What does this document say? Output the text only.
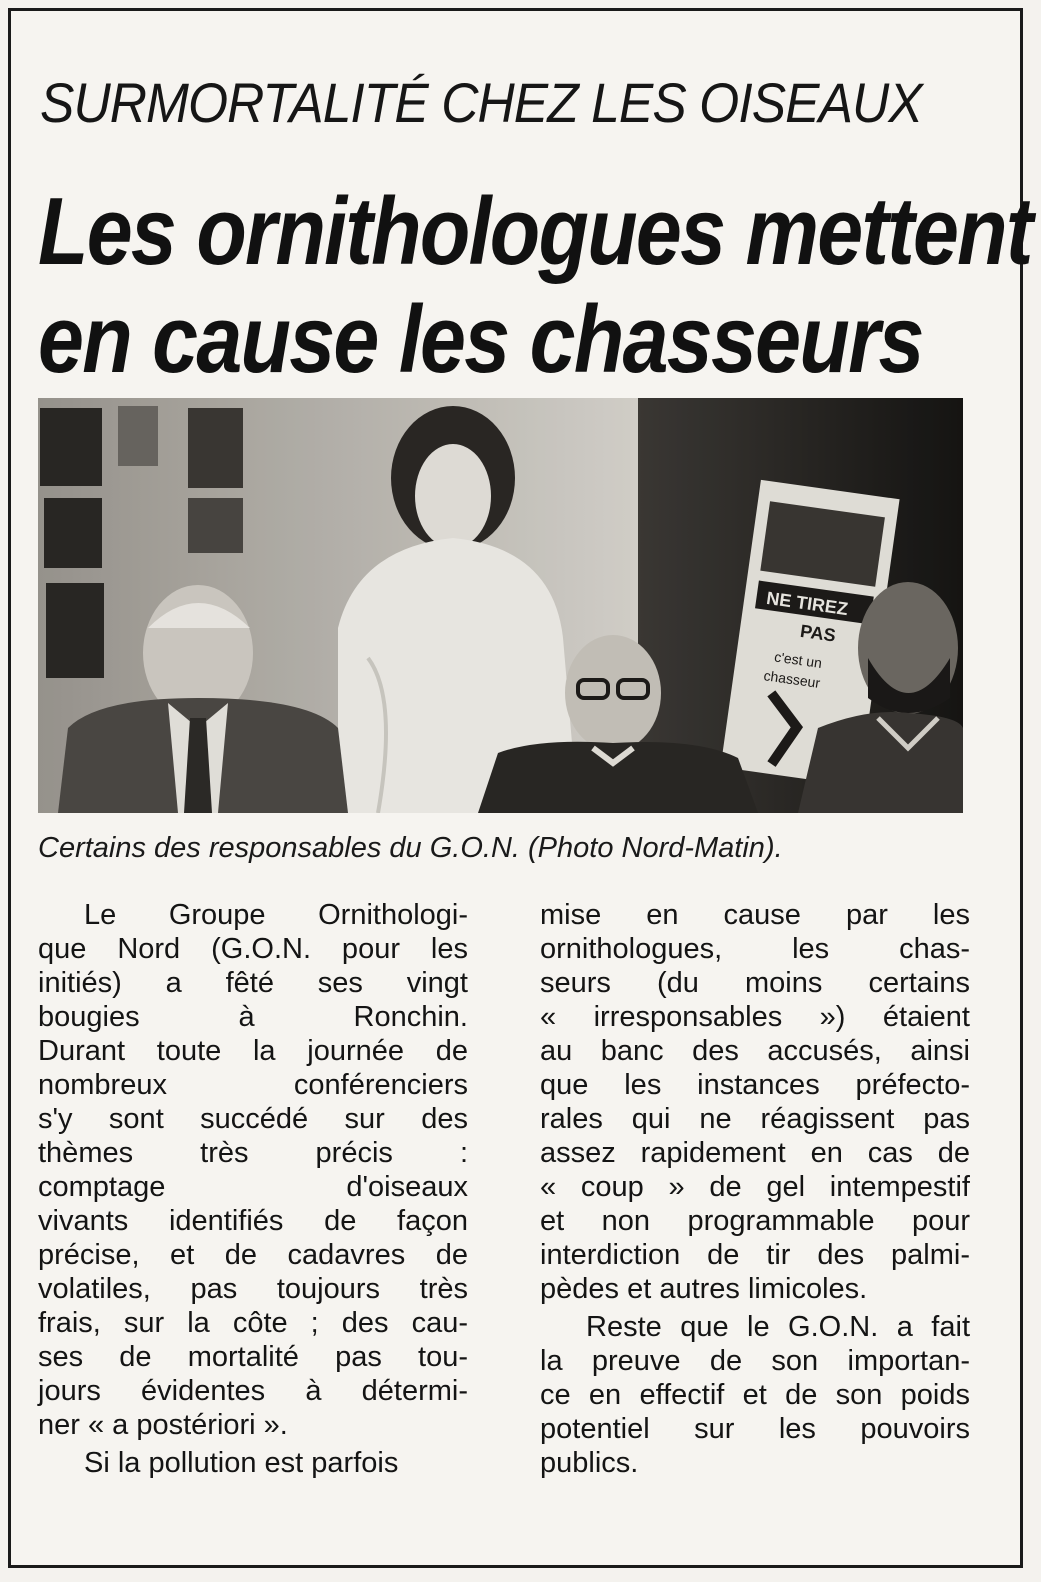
SURMORTALITÉ CHEZ LES OISEAUX
Les ornithologues mettent
en cause les chasseurs
NE TIREZ
PAS
c'est un
chasseur
Certains des responsables du G.O.N. (Photo Nord-Matin).

Le Groupe Ornithologi-
que Nord (G.O.N. pour les
initiés) a fêté ses vingt
bougies à Ronchin.
Durant toute la journée de
nombreux conférenciers
s'y sont succédé sur des
thèmes très précis :
comptage d'oiseaux
vivants identifiés de façon
précise, et de cadavres de
volatiles, pas toujours très
frais, sur la côte ; des cau-
ses de mortalité pas tou-
jours évidentes à détermi-
ner « a postériori ».

Si la pollution est parfois

mise en cause par les
ornithologues, les chas-
seurs (du moins certains
« irresponsables ») étaient
au banc des accusés, ainsi
que les instances préfecto-
rales qui ne réagissent pas
assez rapidement en cas de
« coup » de gel intempestif
et non programmable pour
interdiction de tir des palmi-
pèdes et autres limicoles.

Reste que le G.O.N. a fait
la preuve de son importan-
ce en effectif et de son poids
potentiel sur les pouvoirs
publics.
